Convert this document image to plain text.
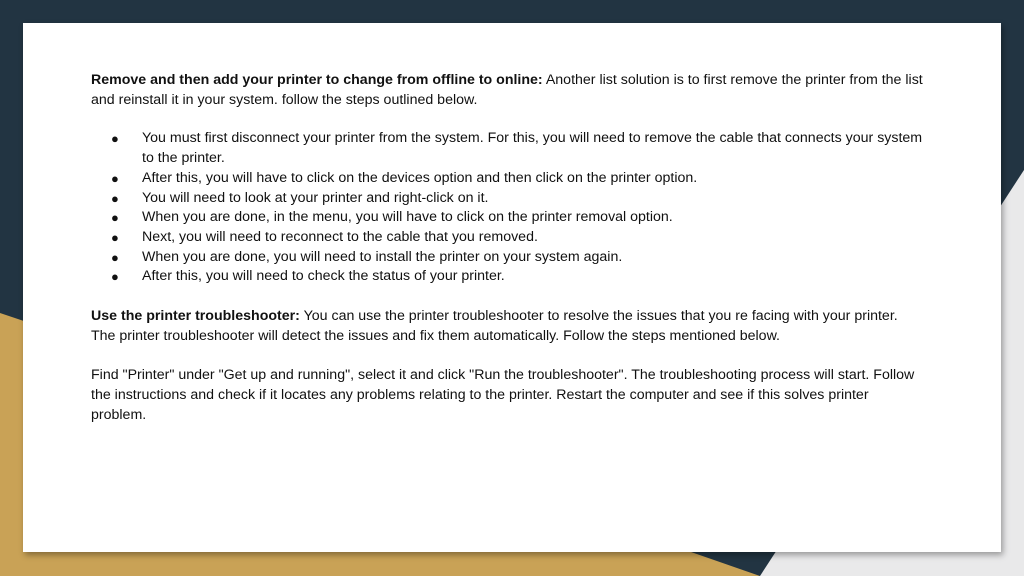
Remove and then add your printer to change from offline to online: Another list solution is to first remove the printer from the list and reinstall it in your system. follow the steps outlined below.

● You must first disconnect your printer from the system. For this, you will need to remove the cable that connects your system to the printer.
● After this, you will have to click on the devices option and then click on the printer option.
● You will need to look at your printer and right-click on it.
● When you are done, in the menu, you will have to click on the printer removal option.
● Next, you will need to reconnect to the cable that you removed.
● When you are done, you will need to install the printer on your system again.
● After this, you will need to check the status of your printer.

Use the printer troubleshooter: You can use the printer troubleshooter to resolve the issues that you re facing with your printer. The printer troubleshooter will detect the issues and fix them automatically. Follow the steps mentioned below.

Find "Printer" under "Get up and running", select it and click "Run the troubleshooter". The troubleshooting process will start. Follow the instructions and check if it locates any problems relating to the printer. Restart the computer and see if this solves printer problem.
